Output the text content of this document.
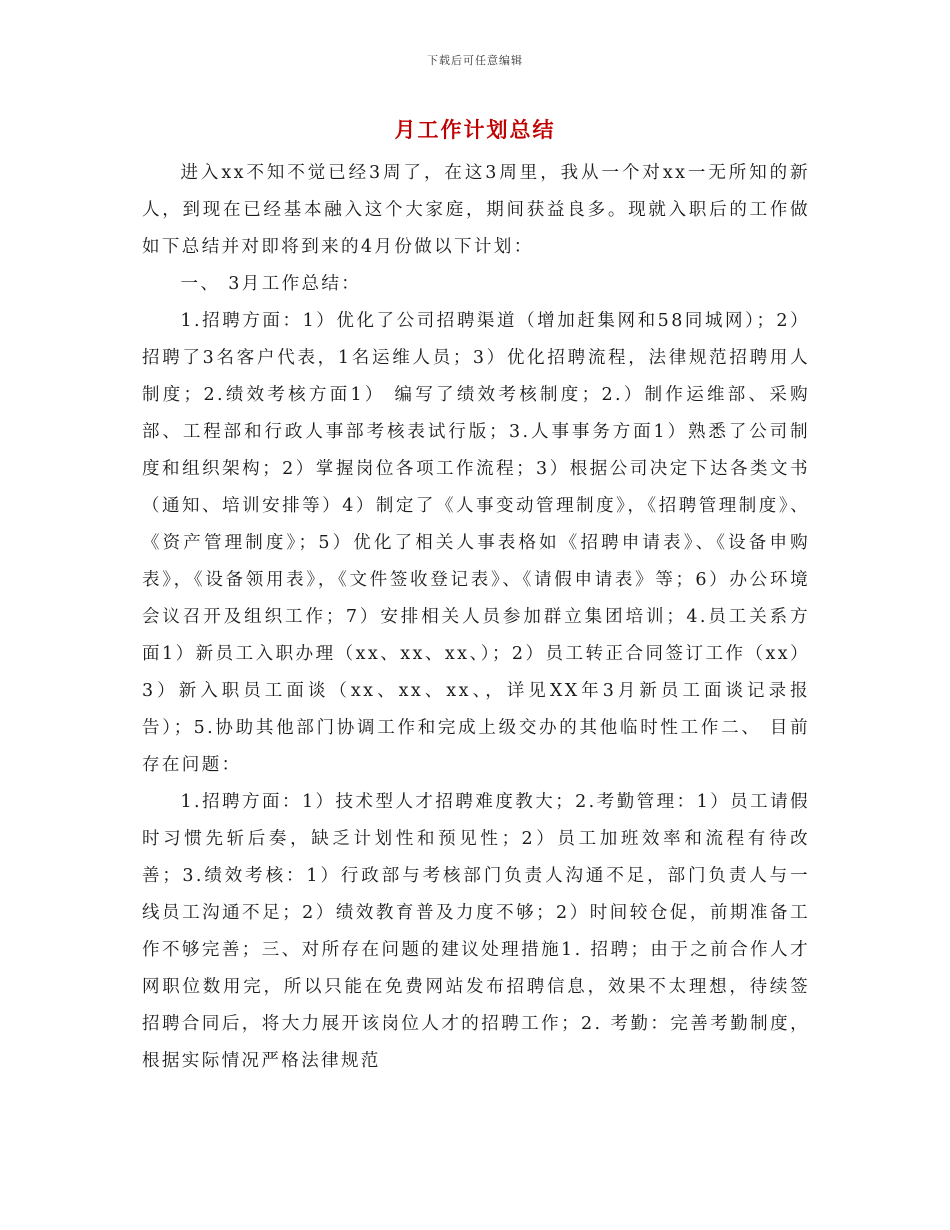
下载后可任意编辑
月工作计划总结

进入xx不知不觉已经3周了，在这3周里，我从一个对xx一无所知的新人，到现在已经基本融入这个大家庭，期间获益良多。现就入职后的工作做如下总结并对即将到来的4月份做以下计划：

一、 3月工作总结：

1.招聘方面：1）优化了公司招聘渠道（增加赶集网和58同城网）；2）招聘了3名客户代表，1名运维人员；3）优化招聘流程，法律规范招聘用人制度；2.绩效考核方面1） 编写了绩效考核制度；2.）制作运维部、采购部、工程部和行政人事部考核表试行版；3.人事事务方面1）熟悉了公司制度和组织架构；2）掌握岗位各项工作流程；3）根据公司决定下达各类文书（通知、培训安排等）4）制定了《人事变动管理制度》，《招聘管理制度》、《资产管理制度》；5）优化了相关人事表格如《招聘申请表》、《设备申购表》，《设备领用表》，《文件签收登记表》、《请假申请表》等；6）办公环境会议召开及组织工作；7）安排相关人员参加群立集团培训；4.员工关系方面1）新员工入职办理（xx、xx、xx、）；2）员工转正合同签订工作（xx）3）新入职员工面谈（xx、xx、xx、，详见XX年3月新员工面谈记录报告）；5.协助其他部门协调工作和完成上级交办的其他临时性工作二、 目前存在问题：

1.招聘方面：1）技术型人才招聘难度教大；2.考勤管理：1）员工请假时习惯先斩后奏，缺乏计划性和预见性；2）员工加班效率和流程有待改善；3.绩效考核：1）行政部与考核部门负责人沟通不足，部门负责人与一线员工沟通不足；2）绩效教育普及力度不够；2）时间较仓促，前期准备工作不够完善；三、对所存在问题的建议处理措施1. 招聘；由于之前合作人才网职位数用完，所以只能在免费网站发布招聘信息，效果不太理想，待续签招聘合同后，将大力展开该岗位人才的招聘工作；2. 考勤：完善考勤制度，根据实际情况严格法律规范
